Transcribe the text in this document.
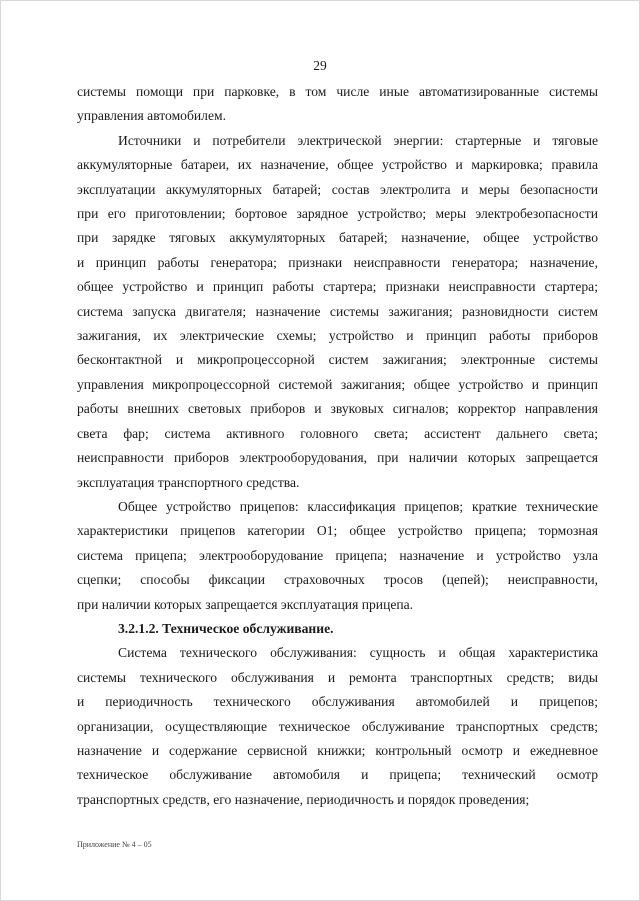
29

системы помощи при парковке, в том числе иные автоматизированные системы

управления автомобилем.

Источники и потребители электрической энергии: стартерные и тяговые

аккумуляторные батареи, их назначение, общее устройство и маркировка; правила

эксплуатации аккумуляторных батарей; состав электролита и меры безопасности

при его приготовлении; бортовое зарядное устройство; меры электробезопасности

при зарядке тяговых аккумуляторных батарей; назначение, общее устройство

и принцип работы генератора; признаки неисправности генератора; назначение,

общее устройство и принцип работы стартера; признаки неисправности стартера;

система запуска двигателя; назначение системы зажигания; разновидности систем

зажигания, их электрические схемы; устройство и принцип работы приборов

бесконтактной и микропроцессорной систем зажигания; электронные системы

управления микропроцессорной системой зажигания; общее устройство и принцип

работы внешних световых приборов и звуковых сигналов; корректор направления

света фар; система активного головного света; ассистент дальнего света;

неисправности приборов электрооборудования, при наличии которых запрещается

эксплуатация транспортного средства.

Общее устройство прицепов: классификация прицепов; краткие технические

характеристики прицепов категории O1; общее устройство прицепа; тормозная

система прицепа; электрооборудование прицепа; назначение и устройство узла

сцепки; способы фиксации страховочных тросов (цепей); неисправности,

при наличии которых запрещается эксплуатация прицепа.

3.2.1.2. Техническое обслуживание.

Система технического обслуживания: сущность и общая характеристика

системы технического обслуживания и ремонта транспортных средств; виды

и периодичность технического обслуживания автомобилей и прицепов;

организации, осуществляющие техническое обслуживание транспортных средств;

назначение и содержание сервисной книжки; контрольный осмотр и ежедневное

техническое обслуживание автомобиля и прицепа; технический осмотр

транспортных средств, его назначение, периодичность и порядок проведения;

Приложение № 4 – 05
